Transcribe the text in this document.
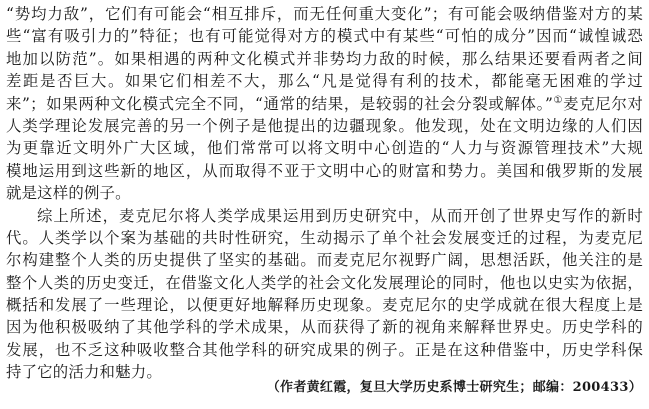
“势均力敌”，它们有可能会“相互排斥，而无任何重大变化”；有可能会吸纳借鉴对方的某
些“富有吸引力的”特征；也有可能觉得对方的模式中有某些“可怕的成分”因而“诚惶诚恐
地加以防范”。如果相遇的两种文化模式并非势均力敌的时候，那么结果还要看两者之间
差距是否巨大。如果它们相差不大，那么“凡是觉得有利的技术，都能毫无困难的学过
来”；如果两种文化模式完全不同，“通常的结果，是较弱的社会分裂或解体。”①麦克尼尔对
人类学理论发展完善的另一个例子是他提出的边疆现象。他发现，处在文明边缘的人们因
为更靠近文明外广大区域，他们常常可以将文明中心创造的“人力与资源管理技术”大规
模地运用到这些新的地区，从而取得不亚于文明中心的财富和势力。美国和俄罗斯的发展
就是这样的例子。
综上所述，麦克尼尔将人类学成果运用到历史研究中，从而开创了世界史写作的新时
代。人类学以个案为基础的共时性研究，生动揭示了单个社会发展变迁的过程，为麦克尼
尔构建整个人类的历史提供了坚实的基础。而麦克尼尔视野广阔，思想活跃，他关注的是
整个人类的历史变迁，在借鉴文化人类学的社会文化发展理论的同时，他也以史实为依据，
概括和发展了一些理论，以便更好地解释历史现象。麦克尼尔的史学成就在很大程度上是
因为他积极吸纳了其他学科的学术成果，从而获得了新的视角来解释世界史。历史学科的
发展，也不乏这种吸收整合其他学科的研究成果的例子。正是在这种借鉴中，历史学科保
持了它的活力和魅力。
（作者黄红霞，复旦大学历史系博士研究生；邮编：200433）
